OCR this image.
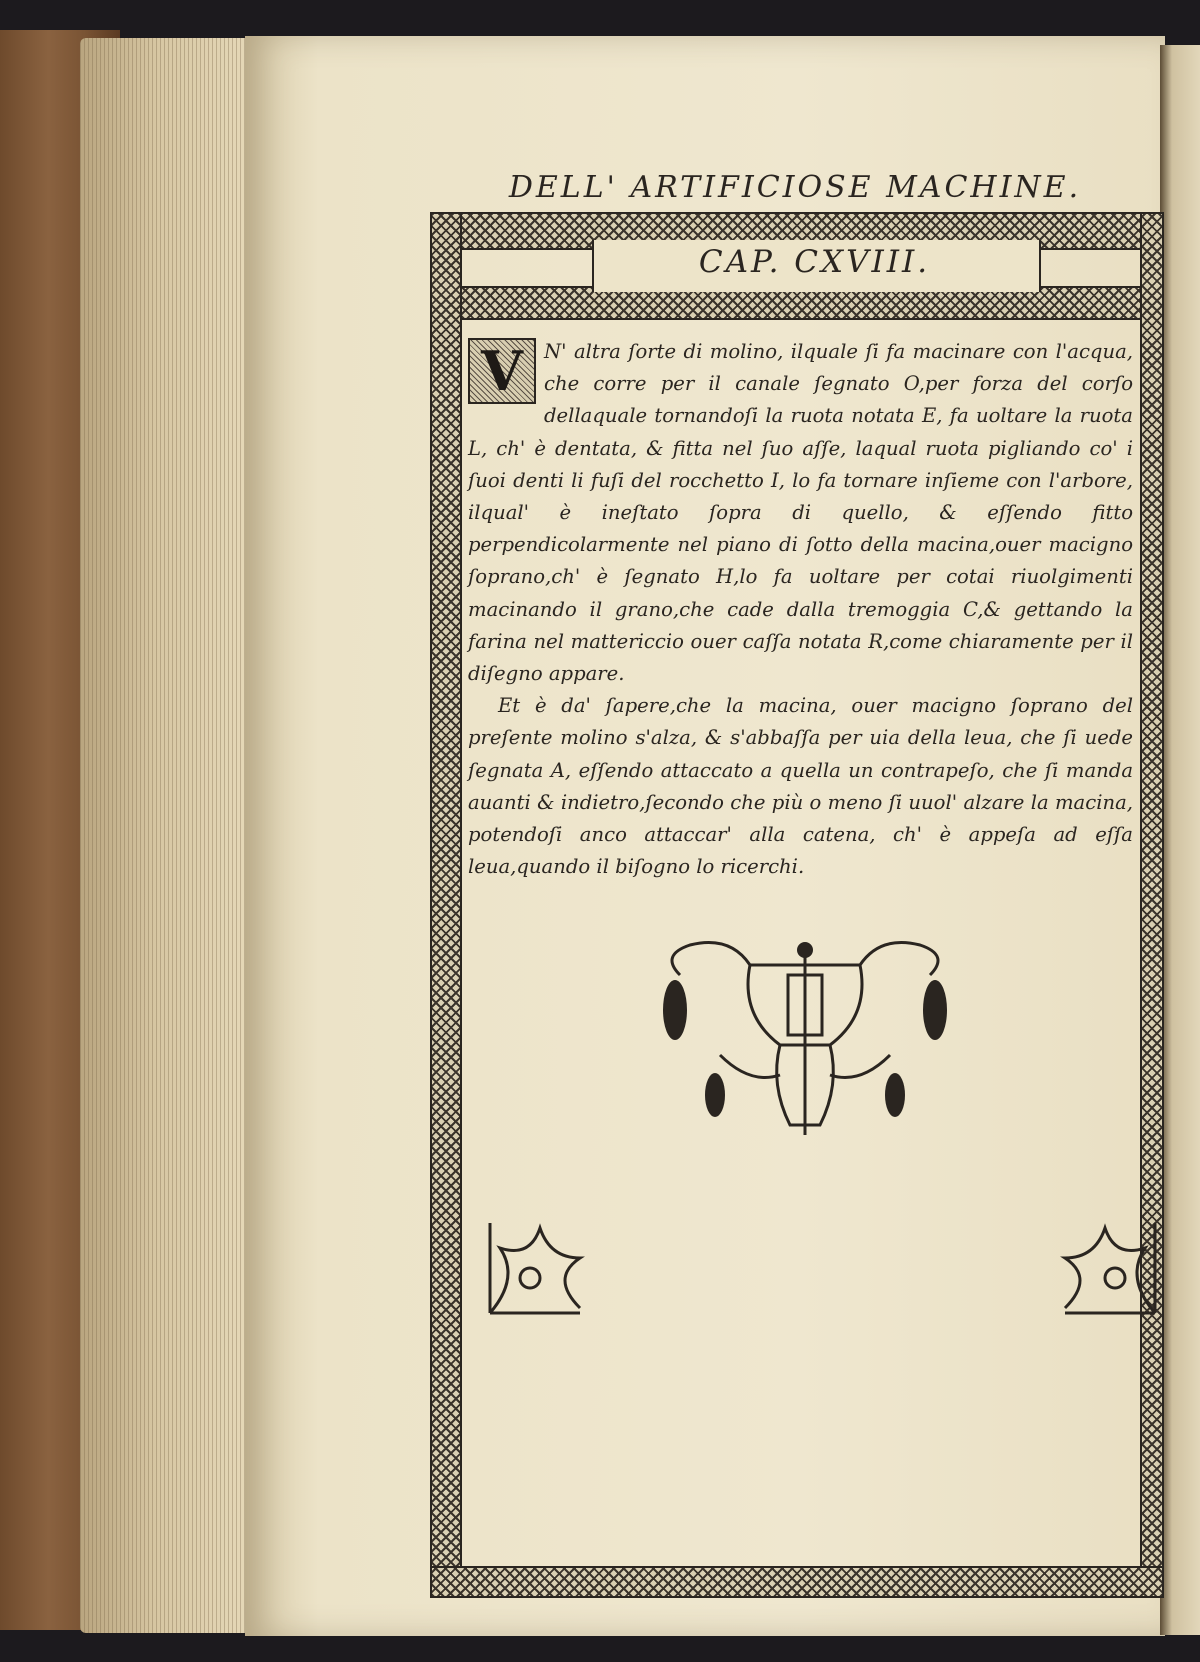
DELL' ARTIFICIOSE MACHINE.
CAP. CXVIII.

V	N' altra ſorte di molino, ilquale ſi fa macinare con l'acqua, che corre per il canale ſegnato O,per forza del corſo dellaquale tornandoſi la ruota notata E, fa uoltare la ruota L, ch' è dentata, & fitta nel ſuo aſſe, laqual ruota pigliando co' i ſuoi denti li fuſi del rocchetto I, lo fa tornare inſieme con l'arbore, ilqual' è ineſtato ſopra di quello, & eſſendo fitto perpendicolarmente nel piano di ſotto della macina,ouer macigno ſoprano,ch' è ſegnato H,lo fa uoltare per cotai riuolgimenti macinando il grano,che cade dalla tremoggia C,& gettando la farina nel mattericcio ouer caſſa notata R,come chiaramente per il diſegno appare.

Et è da' ſapere,che la macina, ouer macigno ſoprano del preſente molino s'alza, & s'abbaſſa per uia della leua, che ſi uede ſegnata A, eſſendo attaccato a quella un contrapeſo, che ſi manda auanti & indietro,ſecondo che più o meno ſi uuol' alzare la macina, potendoſi anco attaccar' alla catena, ch' è appeſa ad eſſa leua,quando il biſogno lo ricerchi.
